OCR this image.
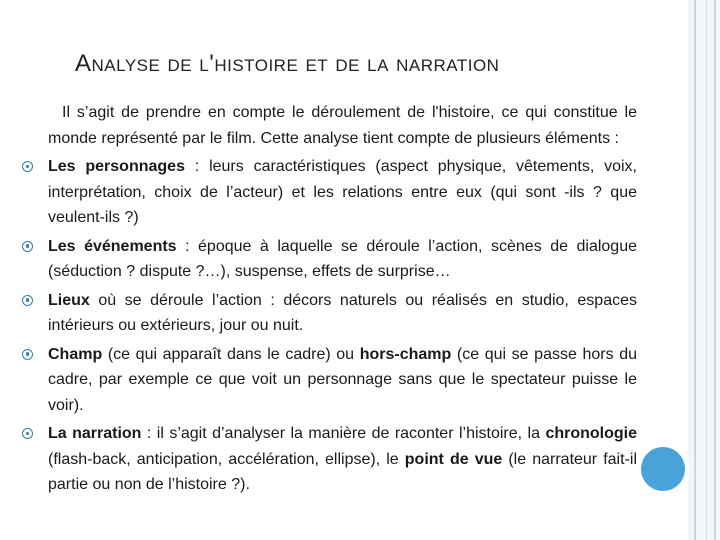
Analyse de l'histoire et de la narration

Il s’agit de prendre en compte le déroulement de l'histoire, ce qui constitue le monde représenté par le film. Cette analyse tient compte de plusieurs éléments :

Les personnages : leurs caractéristiques (aspect physique, vêtements, voix, interprétation, choix de l’acteur) et les relations entre eux (qui sont -ils ? que veulent-ils ?)
Les événements : époque à laquelle se déroule l’action, scènes de dialogue (séduction ? dispute ?…), suspense, effets de surprise…
Lieux où se déroule l’action : décors naturels ou réalisés en studio, espaces intérieurs ou extérieurs, jour ou nuit.
Champ (ce qui apparaît dans le cadre) ou hors-champ (ce qui se passe hors du cadre, par exemple ce que voit un personnage sans que le spectateur puisse le voir).
La narration : il s’agit d’analyser la manière de raconter l’histoire, la chronologie (flash-back, anticipation, accélération, ellipse), le point de vue (le narrateur fait-il partie ou non de l’histoire ?).
